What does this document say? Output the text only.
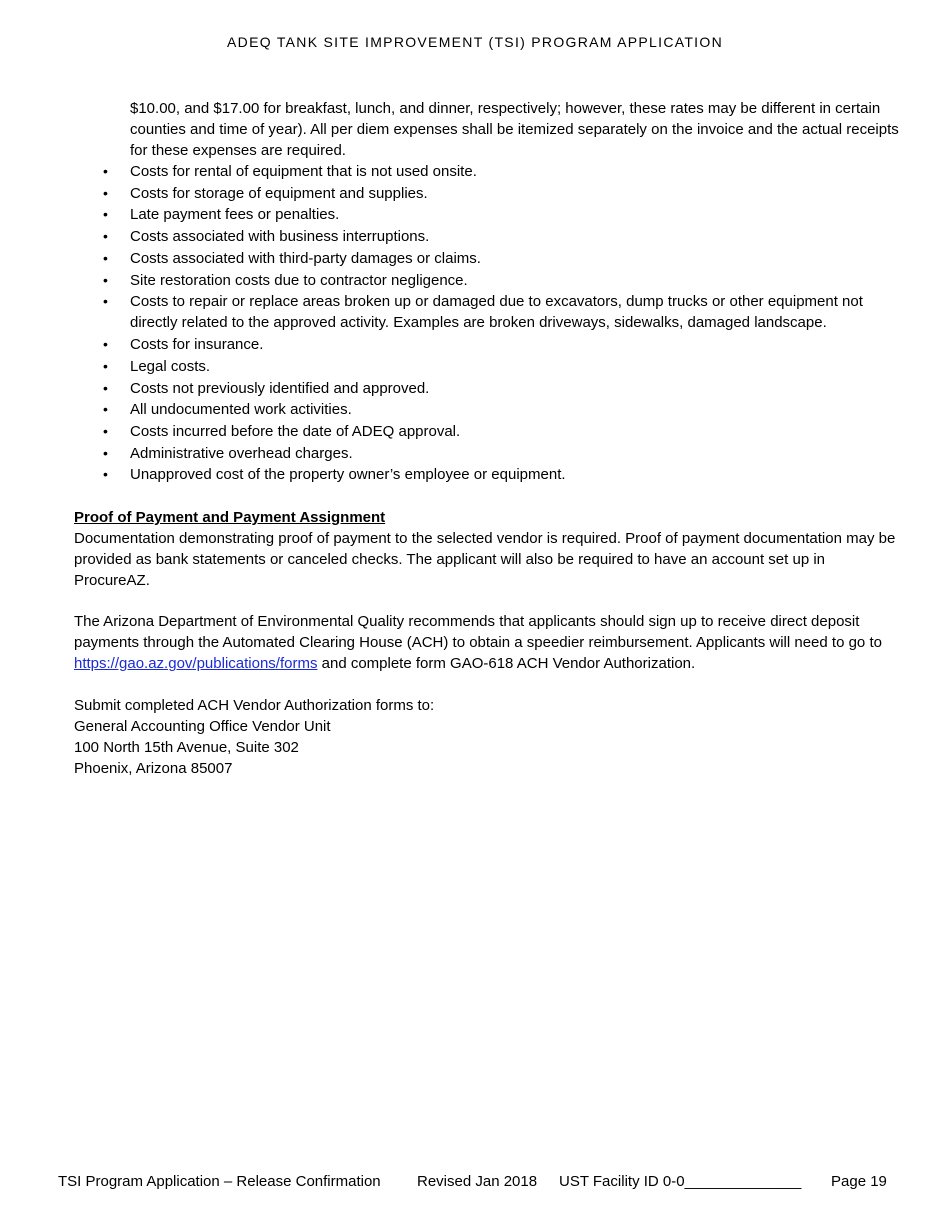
ADEQ TANK SITE IMPROVEMENT (TSI) PROGRAM APPLICATION
$10.00, and $17.00 for breakfast, lunch, and dinner, respectively; however, these rates may be different in certain counties and time of year). All per diem expenses shall be itemized separately on the invoice and the actual receipts for these expenses are required.
• Costs for rental of equipment that is not used onsite.
• Costs for storage of equipment and supplies.
• Late payment fees or penalties.
• Costs associated with business interruptions.
• Costs associated with third-party damages or claims.
• Site restoration costs due to contractor negligence.
• Costs to repair or replace areas broken up or damaged due to excavators, dump trucks or other equipment not directly related to the approved activity. Examples are broken driveways, sidewalks, damaged landscape.
• Costs for insurance.
• Legal costs.
• Costs not previously identified and approved.
• All undocumented work activities.
• Costs incurred before the date of ADEQ approval.
• Administrative overhead charges.
• Unapproved cost of the property owner’s employee or equipment.
Proof of Payment and Payment Assignment
Documentation demonstrating proof of payment to the selected vendor is required. Proof of payment documentation may be provided as bank statements or canceled checks. The applicant will also be required to have an account set up in ProcureAZ.
The Arizona Department of Environmental Quality recommends that applicants should sign up to receive direct deposit payments through the Automated Clearing House (ACH) to obtain a speedier reimbursement. Applicants will need to go to https://gao.az.gov/publications/forms and complete form GAO-618 ACH Vendor Authorization.
Submit completed ACH Vendor Authorization forms to:
General Accounting Office Vendor Unit
100 North 15th Avenue, Suite 302
Phoenix, Arizona 85007
TSI Program Application – Release Confirmation Revised Jan 2018 UST Facility ID 0-0______________ Page 19
